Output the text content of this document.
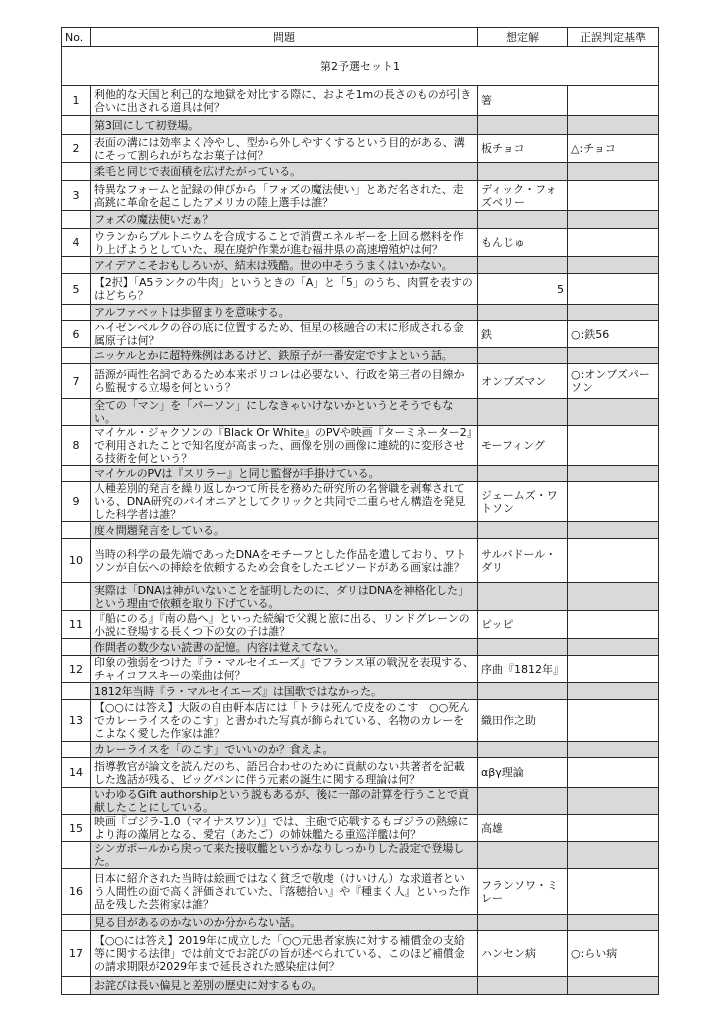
No.	問題	想定解	正誤判定基準
第2予選セット1			
1	利他的な天国と利己的な地獄を対比する際に、およそ1mの長さのものが引き合いに出される道具は何？	箸	
	第3回にして初登場。		
2	表面の溝には効率よく冷やし、型から外しやすくするという目的がある、溝にそって割られがちなお菓子は何？	板チョコ	△:チョコ
	柔毛と同じで表面積を広げたがっている。		
3	特異なフォームと記録の伸びから「フォズの魔法使い」とあだ名された、走高跳に革命を起こしたアメリカの陸上選手は誰？	ディック・フォズベリー	
	フォズの魔法使いだぁ？		
4	ウランからプルトニウムを合成することで消費エネルギーを上回る燃料を作り上げようとしていた、現在廃炉作業が進む福井県の高速増殖炉は何？	もんじゅ	
	アイデアこそおもしろいが、結末は残酷。世の中そううまくはいかない。		
5	【2択】「A5ランクの牛肉」というときの「A」と「5」のうち、肉質を表すのはどちら？	5	
	アルファベットは歩留まりを意味する。		
6	ハイゼンベルクの谷の底に位置するため、恒星の核融合の末に形成される金属原子は何？	鉄	○:鉄56
	ニッケルとかに超特殊例はあるけど、鉄原子が一番安定ですよという話。		
7	語源が両性名詞であるため本来ポリコレは必要ない、行政を第三者の目線から監視する立場を何という？	オンブズマン	○:オンブズパーソン
	全ての「マン」を「パーソン」にしなきゃいけないかというとそうでもない。		
8	マイケル・ジャクソンの『Black Or White』のPVや映画『ターミネーター2』で利用されたことで知名度が高まった、画像を別の画像に連続的に変形させる技術を何という？	モーフィング	
	マイケルのPVは『スリラー』と同じ監督が手掛けている。		
9	人種差別的発言を繰り返しかつて所長を務めた研究所の名誉職を剥奪されている、DNA研究のパイオニアとしてクリックと共同で二重らせん構造を発見した科学者は誰？	ジェームズ・ワトソン	
	度々問題発言をしている。		
10	当時の科学の最先端であったDNAをモチーフとした作品を遺しており、ワトソンが自伝への挿絵を依頼するため会食をしたエピソードがある画家は誰？	サルバドール・ダリ	
	実際は「DNAは神がいないことを証明したのに、ダリはDNAを神格化した」という理由で依頼を取り下げている。		
11	『船にのる』『南の島へ』といった続編で父親と旅に出る、リンドグレーンの小説に登場する長くつ下の女の子は誰？	ピッピ	
	作問者の数少ない読書の記憶。内容は覚えてない。		
12	印象の強弱をつけた『ラ・マルセイエーズ』でフランス軍の戦況を表現する、チャイコフスキーの楽曲は何？	序曲『1812年』	
	1812年当時『ラ・マルセイエーズ』は国歌ではなかった。		
13	【○○には答え】大阪の自由軒本店には「トラは死んで皮をのこす　○○死んでカレーライスをのこす」と書かれた写真が飾られている、名物のカレーをこよなく愛した作家は誰？	織田作之助	
	カレーライスを「のこす」でいいのか？食えよ。		
14	指導教官が論文を読んだのち、語呂合わせのために貢献のない共著者を記載した逸話が残る、ビッグバンに伴う元素の誕生に関する理論は何？	αβγ理論	
	いわゆるGift authorshipという説もあるが、後に一部の計算を行うことで貢献したことにしている。		
15	映画『ゴジラ-1.0（マイナスワン）』では、主砲で応戦するもゴジラの熱線により海の藻屑となる、愛宕（あたご）の姉妹艦たる重巡洋艦は何？	高雄	
	シンガポールから戻って来た接収艦というかなりしっかりした設定で登場した。		
16	日本に紹介された当時は絵画ではなく貧乏で敬虔（けいけん）な求道者という人間性の面で高く評価されていた、『落穂拾い』や『種まく人』といった作品を残した芸術家は誰？	フランソワ・ミレー	
	見る目があるのかないのか分からない話。		
17	【○○には答え】2019年に成立した「○○元患者家族に対する補償金の支給等に関する法律」では前文でお詫びの旨が述べられている、このほど補償金の請求期限が2029年まで延長された感染症は何？	ハンセン病	○:らい病
	お詫びは長い偏見と差別の歴史に対するもの。		
